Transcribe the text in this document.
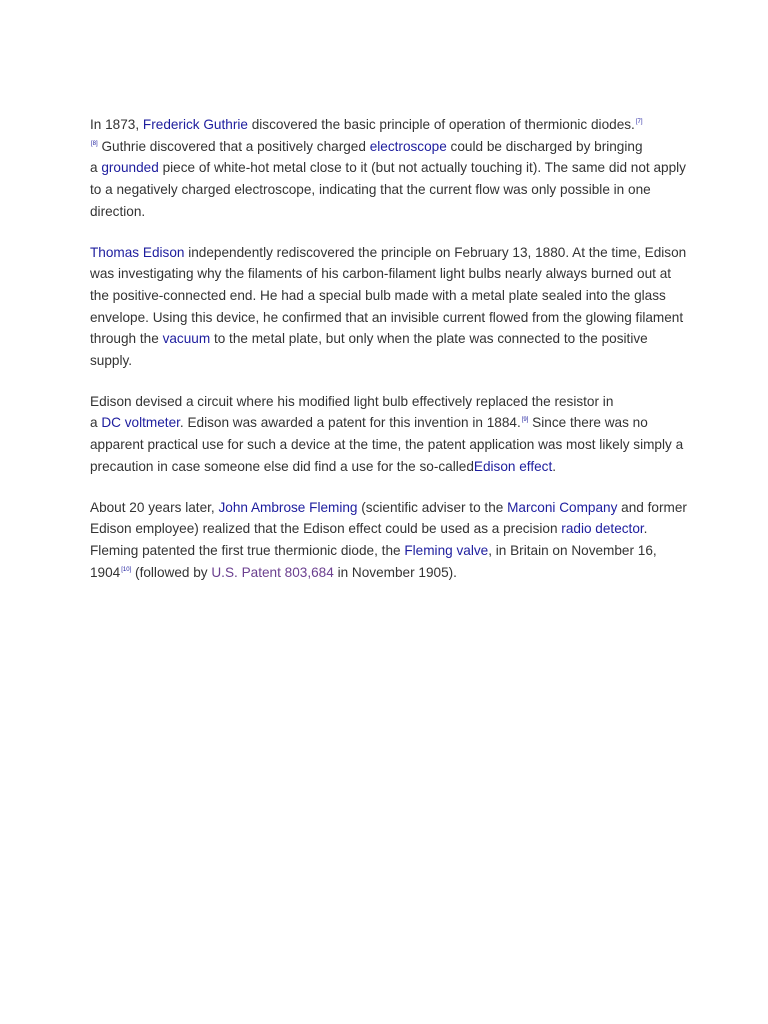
In 1873, Frederick Guthrie discovered the basic principle of operation of thermionic diodes.[7]
[8] Guthrie discovered that a positively charged electroscope could be discharged by bringing
a grounded piece of white-hot metal close to it (but not actually touching it). The same did not apply to a negatively charged electroscope, indicating that the current flow was only possible in one direction.

Thomas Edison independently rediscovered the principle on February 13, 1880. At the time, Edison was investigating why the filaments of his carbon-filament light bulbs nearly always burned out at the positive-connected end. He had a special bulb made with a metal plate sealed into the glass envelope. Using this device, he confirmed that an invisible current flowed from the glowing filament through the vacuum to the metal plate, but only when the plate was connected to the positive supply.

Edison devised a circuit where his modified light bulb effectively replaced the resistor in
a DC voltmeter. Edison was awarded a patent for this invention in 1884.[9] Since there was no apparent practical use for such a device at the time, the patent application was most likely simply a precaution in case someone else did find a use for the so-calledEdison effect.

About 20 years later, John Ambrose Fleming (scientific adviser to the Marconi Company and former Edison employee) realized that the Edison effect could be used as a precision radio detector. Fleming patented the first true thermionic diode, the Fleming valve, in Britain on November 16, 1904[10] (followed by U.S. Patent 803,684 in November 1905).
